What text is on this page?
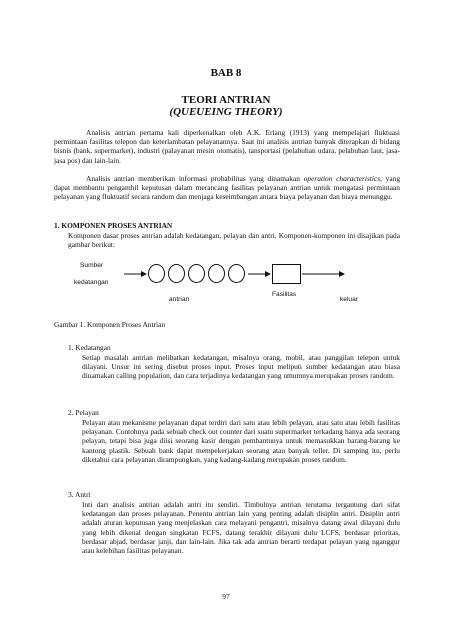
BAB 8

TEORI ANTRIAN

(QUEUEING THEORY)

Analisis antrian pertama kali diperkenalkan oleh A.K. Erlang (1913) yang mempelajari fluktuasi permintaan fasilitas telepon dan keterlambatan pelayanannya. Saat ini analisis antrian banyak diterapkan di bidang bisnis (bank, supermarket), industri (palayanan mesin otomatis), tansportasi (pelabuhan udara, pelabuhan laut, jasa-jasa pos) dan lain-lain.

Analisis antrian memberikan informasi probabilitas yang dinamakan operation characteristics, yang dapat membantu pengambil keputusan dalam merancang fasilitas pelayanan antrian untuk mengatasi permintaan pelayanan yang fluktuatif secara random dan menjaga keseimbangan antara biaya pelayanan dan biaya menunggu.

1. KOMPONEN PROSES ANTRIAN

Komponen dasar proses antrian adalah kedatangan, pelayan dan antri. Komponen-komponen ini disajikan pada gambar berikut:

Sumber
kedatangan
antrian
Fasilitas
keluar

Gambar 1. Komponen Proses Antrian

1. Kedatangan

Setiap masalah antrian melibatkan kedatangan, misalnya orang, mobil, atau panggilan telepon untuk dilayani. Unsur ini sering disebut proses input. Proses input meliputi sumber kedatangan atau biasa dinamakan calling population, dan cara terjadinya kedatangan yang umumnya merupakan proses random.

2. Pelayan

Pelayan atau mekanisme pelayanan dapat terdiri dari satu atau lebih pelayan, atau satu atau lebih fasilitas pelayanan. Contohnya pada sebuah check out counter dari suatu supermarket terkadang hanya ada seorang pelayan, tetapi bisa juga diisi seorang kasir dengan pembantunya untuk memasukkan barang-barang ke kantong plastik. Sebuah bank dapat mempekerjakan seorang atau banyak teller. Di samping itu, perlu diketahui cara pelayanan dirampungkan, yang kadang-kadang merupakan proses random.

3. Antri

Inti dari analisis antrian adalah antri itu sendiri. Timbulnya antrian terutama tergantung dari sifat kedatangan dan proses pelayanan. Penentu antrian lain yang penting adalah disiplin antri. Disiplin antri adalah aturan keputusan yang menjelaskan cara melayani pengantri, misalnya datang awal dilayani dulu yang lebih dikenal dengan singkatan FCFS, datang terakhir dilayani dulu LCFS, berdasar prioritas, berdasar abjad, berdasar janji, dan lain-lain. Jika tak ada antrian berarti terdapat pelayan yang nganggur atau kelebihan fasilitas pelayanan.

97
